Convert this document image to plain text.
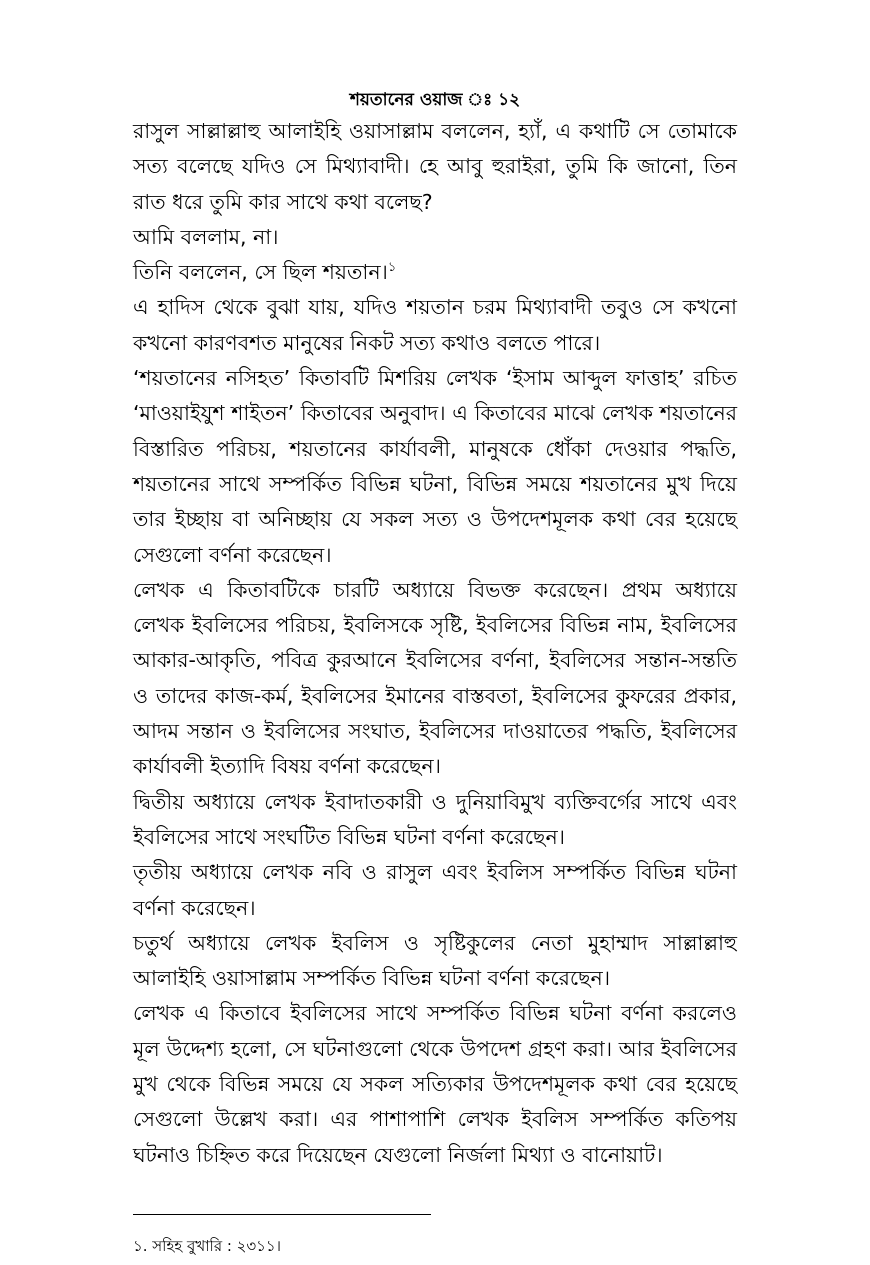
শয়তানের ওয়াজ ঃ ১২

রাসুল সাল্লাল্লাহু আলাইহি ওয়াসাল্লাম বললেন, হ্যাঁ, এ কথাটি সে তোমাকে সত্য বলেছে যদিও সে মিথ্যাবাদী। হে আবু হুরাইরা, তুমি কি জানো, তিন রাত ধরে তুমি কার সাথে কথা বলেছ?

আমি বললাম, না।

তিনি বললেন, সে ছিল শয়তান।$^১$

এ হাদিস থেকে বুঝা যায়, যদিও শয়তান চরম মিথ্যাবাদী তবুও সে কখনো কখনো কারণবশত মানুষের নিকট সত্য কথাও বলতে পারে।

‘শয়তানের নসিহত’ কিতাবটি মিশরিয় লেখক ‘ইসাম আব্দুল ফাত্তাহ’ রচিত ‘মাওয়াইযুশ শাইতন’ কিতাবের অনুবাদ। এ কিতাবের মাঝে লেখক শয়তানের বিস্তারিত পরিচয়, শয়তানের কার্যাবলী, মানুষকে ধোঁকা দেওয়ার পদ্ধতি, শয়তানের সাথে সম্পর্কিত বিভিন্ন ঘটনা, বিভিন্ন সময়ে শয়তানের মুখ দিয়ে তার ইচ্ছায় বা অনিচ্ছায় যে সকল সত্য ও উপদেশমূলক কথা বের হয়েছে সেগুলো বর্ণনা করেছেন।

লেখক এ কিতাবটিকে চারটি অধ্যায়ে বিভক্ত করেছেন। প্রথম অধ্যায়ে লেখক ইবলিসের পরিচয়, ইবলিসকে সৃষ্টি, ইবলিসের বিভিন্ন নাম, ইবলিসের আকার-আকৃতি, পবিত্র কুরআনে ইবলিসের বর্ণনা, ইবলিসের সন্তান-সন্ততি ও তাদের কাজ-কর্ম, ইবলিসের ইমানের বাস্তবতা, ইবলিসের কুফরের প্রকার, আদম সন্তান ও ইবলিসের সংঘাত, ইবলিসের দাওয়াতের পদ্ধতি, ইবলিসের কার্যাবলী ইত্যাদি বিষয় বর্ণনা করেছেন।

দ্বিতীয় অধ্যায়ে লেখক ইবাদাতকারী ও দুনিয়াবিমুখ ব্যক্তিবর্গের সাথে এবং ইবলিসের সাথে সংঘটিত বিভিন্ন ঘটনা বর্ণনা করেছেন।

তৃতীয় অধ্যায়ে লেখক নবি ও রাসুল এবং ইবলিস সম্পর্কিত বিভিন্ন ঘটনা বর্ণনা করেছেন।

চতুর্থ অধ্যায়ে লেখক ইবলিস ও সৃষ্টিকুলের নেতা মুহাম্মাদ সাল্লাল্লাহু আলাইহি ওয়াসাল্লাম সম্পর্কিত বিভিন্ন ঘটনা বর্ণনা করেছেন।

লেখক এ কিতাবে ইবলিসের সাথে সম্পর্কিত বিভিন্ন ঘটনা বর্ণনা করলেও মূল উদ্দেশ্য হলো, সে ঘটনাগুলো থেকে উপদেশ গ্রহণ করা। আর ইবলিসের মুখ থেকে বিভিন্ন সময়ে যে সকল সত্যিকার উপদেশমূলক কথা বের হয়েছে সেগুলো উল্লেখ করা। এর পাশাপাশি লেখক ইবলিস সম্পর্কিত কতিপয় ঘটনাও চিহ্নিত করে দিয়েছেন যেগুলো নির্জলা মিথ্যা ও বানোয়াট।

১. সহিহ বুখারি : ২৩১১।
